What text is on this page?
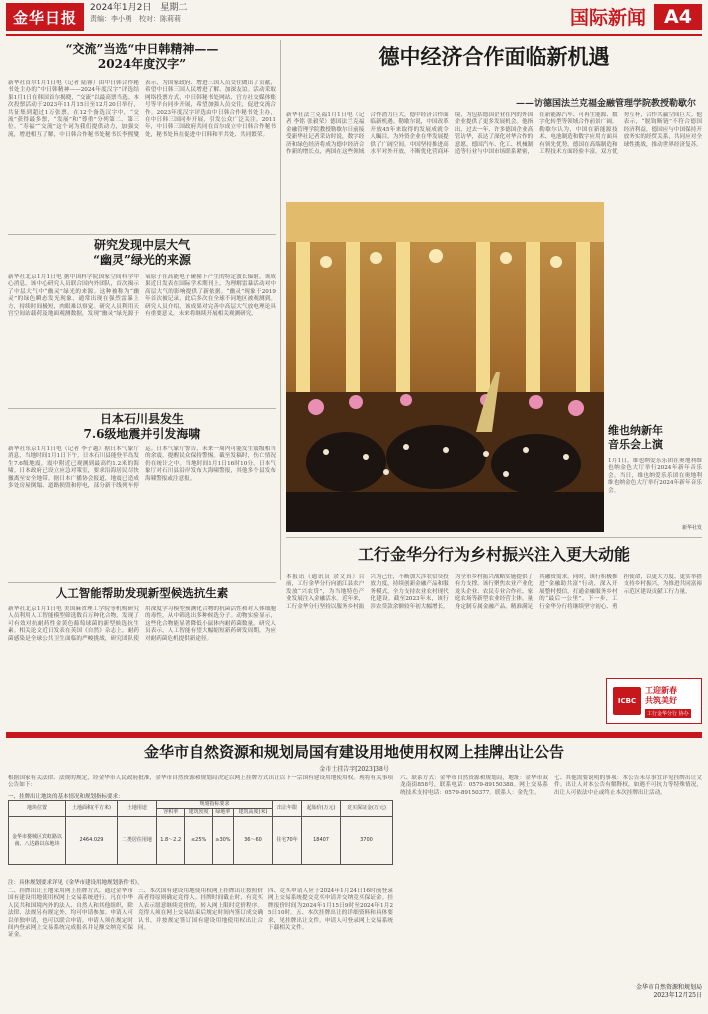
金华日报
2024年1月2日　星期二
责编：李小勇　校对：陈莉莉	国际新闻 A4
“交流”当选“中日韩精神——
2024年度汉字”
新华社首尔1月1日电（记者 陆睿）由中日韩合作秘书处主办的“中日韩精神——2024年度汉字”评选结果1月1日在韩国首尔揭晓，“交流”以最高票当选。本次投票活动于2023年11月15日至12月20日举行，共征集到超过1万张票。在12个备选汉字中，“交流”获得最多票，“发展”和“尊重”分列第二、第三位。“寿福”“交流”这个词为我们提供动力，加强交流，增进相互了解，中日韩合作秘书处秘书长李熙燮表示，为国家政府、增进三国人员交往做出了贡献，希望中日韩三国人民增进了解、加深友谊。活动采取网络投票方式，中日韩秘书处网站、官方社交媒体账号等平台同步开展，希望加强人员交往，促进交流合作。2023年度汉字评选由中日韩合作秘书处主办，在中日韩三国同步开展，引发公众广泛关注。2011年，中日韩三国政府共同在首尔成立中日韩合作秘书处，秘书处旨在促进中日韩和平共处、共同繁荣。
研究发现中层大气
“幽灵”绿光的来源
新华社北京1月1日电 据中国科学院国家空间科学中心消息，该中心研究人员联合国内外团队，首次揭示了中层大气中“幽灵”绿光的来源。这种被称为“幽灵”的绿色瞬态发光现象，通常出现在强烈雷暴上方，持续时间极短，肉眼难以察觉。研究人员利用天宫空间站载荷及地面观测数据，发现“幽灵”绿光源于氧原子在高能电子碰撞下产生的特定波长辐射。该成果近日发表在国际学术期刊上，为理解雷暴活动对中高层大气的影响提供了新依据。“幽灵”现象于2019年首次被记录，此后多次在全球不同地区被观测到。研究人员介绍，该成果对完善中高层大气放电理论具有重要意义，未来将继续开展相关观测研究。
日本石川县发生
7.6级地震并引发海啸
新华社东京1月1日电（记者 李子越）据日本气象厅消息，当地时间1月1日下午，日本石川县能登半岛发生7.6级地震，震中附近已观测到最高约1.2米的海啸。日本政府已设立应急对策室，要求沿海居民尽快撤离至安全地带。据日本广播协会报道，地震已造成多处房屋倒塌、道路损毁和停电，部分新干线列车停运。日本气象厅警告，未来一周内可能发生震级相当的余震，提醒民众保持警惕。截至发稿时，伤亡情况仍在统计之中。当地时间1月1日16时10分，日本气象厅对石川县沿岸发布大海啸警报，其他多个县发布海啸警报或注意报。
人工智能帮助发现新型候选抗生素
新华社北京1月1日电 美国麻省理工学院等机构研究人员利用人工智能模型筛选数百万种化合物，发现了可有效对抗耐药性金黄色葡萄球菌的新型候选抗生素。相关论文近日发表在英国《自然》杂志上。耐药菌感染是全球公共卫生面临的严峻挑战，研究团队使用深度学习模型预测化合物的抗菌活性和对人体细胞的毒性，从中筛选出多种候选分子。动物实验显示，这些化合物能显著降低小鼠体内耐药菌数量。研究人员表示，人工智能有望大幅缩短新药研发周期，为应对耐药菌危机提供新途径。
德中经济合作面临新机遇
——访德国法兰克福金融管理学院教授勒歇尔
新华社法兰克福1月1日电（记者 李铭 张毅荣）德国法兰克福金融管理学院教授勒歇尔日前接受新华社记者采访时说，数字经济和绿色经济将成为德中经济合作新的增长点，两国在这些领域合作潜力巨大，德中经济合作面临新机遇。勒歇尔说，中国改革开放45年来取得的发展成就令人瞩目，为外资企业在华发展提供了广阔空间。中国坚持推进高水平对外开放，不断优化营商环境，为包括德国企业在内的外国企业提供了更多发展机会。他指出，过去一年，许多德国企业高管访华，表达了深化对华合作的意愿。德国汽车、化工、机械制造等行业与中国市场联系紧密，在新能源汽车、可再生能源、数字化转型等领域合作前景广阔。勒歇尔认为，中国在新能源技术、电池制造和数字应用方面具有领先优势，德国在高端制造和工程技术方面经验丰富，双方优势互补，合作共赢空间巨大。他表示，“脱钩断链”不符合德国经济利益，德国应与中国保持开放务实的经贸关系，共同应对全球性挑战，推动世界经济复苏。
维也纳新年
音乐会上演
1月1日，维也纳爱乐乐团在奥地利维也纳金色大厅举行2024年新年音乐会。当日，维也纳爱乐乐团在奥地利维也纳金色大厅举行2024年新年音乐会。
新华社发
工行金华分行为乡村振兴注入更大动能
本报讯（通讯员 余文真）目前，工行金华分行向浦江县农户发放“兴农贷”，为当地特色产业发展注入金融活水。近年来，工行金华分行坚持以服务乡村振兴为己任，不断加大涉农信贷投放力度，持续创新金融产品和服务模式，全力支持农业农村现代化建设。截至2023年末，该行涉农贷款余额较年初大幅增长，为全市乡村振兴战略实施提供了有力支撑。该行聚焦农业产业化龙头企业、农民专业合作社、家庭农场等新型农业经营主体，量身定制专属金融产品，精准满足其融资需求。同时，该行积极推进“金融助共富”行动，深入开展整村授信，打通金融服务乡村的“最后一公里”。下一步，工行金华分行将继续坚守初心、勇担使命，以更大力度、更实举措支持乡村振兴，为推进共同富裕示范区建设贡献工行力量。
ICBC
工迎新春
共筑美好
工行金华分行 协办
金华市自然资源和规划局国有建设用地使用权网上挂牌出让公告
金市土挂告字[2023]38号
根据国家有关法律、法规的规定，经金华市人民政府批准，金华市自然资源和规划局决定以网上挂牌方式出让以下一宗国有建设用地使用权。现将有关事项公告如下：
一、挂牌出让地块的基本情况和规划指标要求：
地块位置	土地面积(平方米)	土地用途	规划指标要求				出让年限	起始价(万元)	竞买保证金(万元)
			容积率	建筑密度	绿地率	建筑高度(米)			
金华市婺城区宾虹路以南、八达路以东地块	2464.029	二类居住用地	1.8～2.2	≤25%	≥30%	36～60	住宅70年	18407	3700
注：具体规划要求详见《金华市建设用地规划条件书》。
二、挂牌出让土地采用网上挂牌方式，通过金华市国有建设用地使用权网上交易系统进行。凡在中华人民共和国境内外的法人、自然人和其他组织，除法律、法规另有规定外，均可申请参加。申请人可以单独申请，也可以联合申请。申请人须在规定时间内登录网上交易系统完成报名并足额交纳竞买保证金。
三、本次国有建设用地使用权网上挂牌出让按照价高者得原则确定竞得人。挂牌时间截止时，有竞买人表示愿意继续竞价的，转入网上限时竞价程序。竞得人须在网上交易结束后规定时间内签订成交确认书，并按规定签订国有建设用地使用权出让合同。
四、竞买申请人应于2024年1月24日16时前登录网上交易系统提交竞买申请并交纳竞买保证金。挂牌报价时间为2024年1月15日9时至2024年1月25日10时。五、本次挂牌出让的详细资料和具体要求，见挂牌出让文件。申请人可登录网上交易系统下载相关文件。
六、联系方式：金华市自然资源和规划局，地址：金华市双龙南街858号，联系电话：0579-89150388。网上交易系统技术支持电话：0579-89150377。联系人：金先生。
七、其他需要说明的事项：本公告未尽事宜详见挂牌出让文件。出让人对本公告有解释权。如遇不可抗力等特殊情况，出让人可依法中止或终止本次挂牌出让活动。
金华市自然资源和规划局
2023年12月25日
